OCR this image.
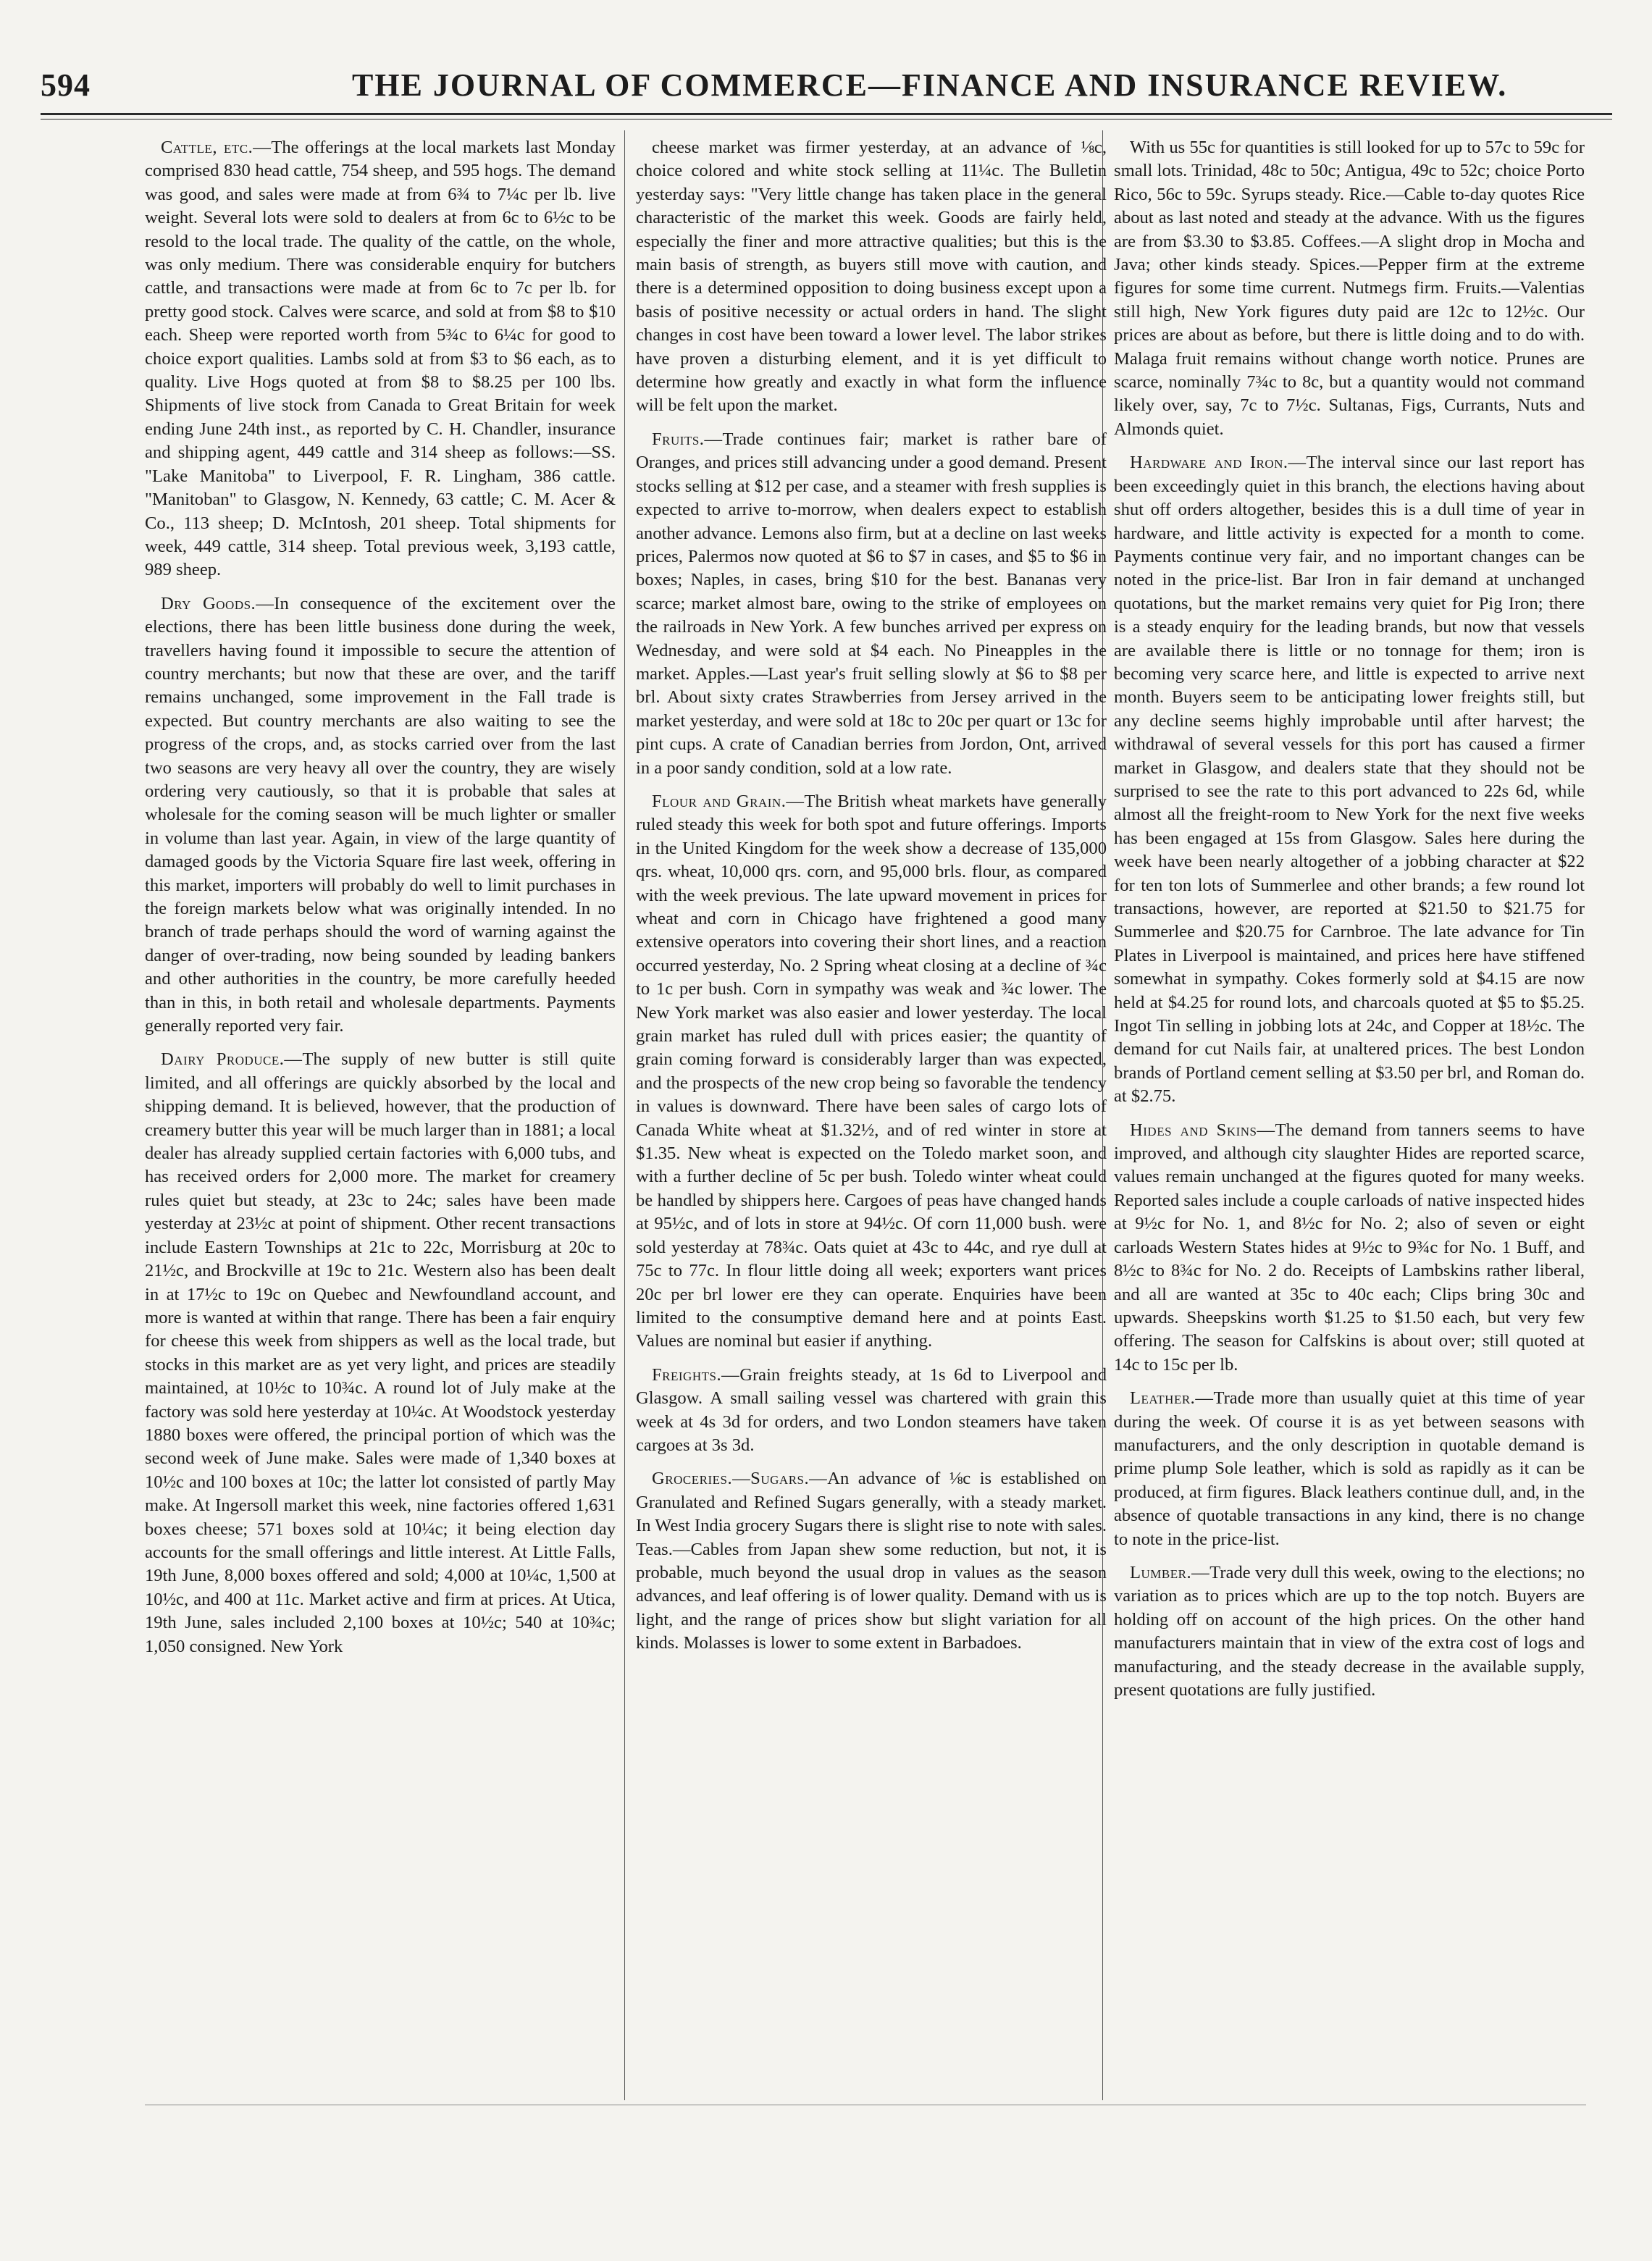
594	THE JOURNAL OF COMMERCE—FINANCE AND INSURANCE REVIEW.

Cattle, etc.—The offerings at the local markets last Monday comprised 830 head cattle, 754 sheep, and 595 hogs. The demand was good, and sales were made at from 6¾ to 7¼c per lb. live weight. Several lots were sold to dealers at from 6c to 6½c to be resold to the local trade. The quality of the cattle, on the whole, was only medium. There was considerable enquiry for butchers cattle, and transactions were made at from 6c to 7c per lb. for pretty good stock. Calves were scarce, and sold at from $8 to $10 each. Sheep were reported worth from 5¾c to 6¼c for good to choice export qualities. Lambs sold at from $3 to $6 each, as to quality. Live Hogs quoted at from $8 to $8.25 per 100 lbs. Shipments of live stock from Canada to Great Britain for week ending June 24th inst., as reported by C. H. Chandler, insurance and shipping agent, 449 cattle and 314 sheep as follows:—SS. "Lake Manitoba" to Liverpool, F. R. Lingham, 386 cattle. "Manitoban" to Glasgow, N. Kennedy, 63 cattle; C. M. Acer & Co., 113 sheep; D. McIntosh, 201 sheep. Total shipments for week, 449 cattle, 314 sheep. Total previous week, 3,193 cattle, 989 sheep.

Dry Goods.—In consequence of the excitement over the elections, there has been little business done during the week, travellers having found it impossible to secure the attention of country merchants; but now that these are over, and the tariff remains unchanged, some improvement in the Fall trade is expected. But country merchants are also waiting to see the progress of the crops, and, as stocks carried over from the last two seasons are very heavy all over the country, they are wisely ordering very cautiously, so that it is probable that sales at wholesale for the coming season will be much lighter or smaller in volume than last year. Again, in view of the large quantity of damaged goods by the Victoria Square fire last week, offering in this market, importers will probably do well to limit purchases in the foreign markets below what was originally intended. In no branch of trade perhaps should the word of warning against the danger of over-trading, now being sounded by leading bankers and other authorities in the country, be more carefully heeded than in this, in both retail and wholesale departments. Payments generally reported very fair.

Dairy Produce.—The supply of new butter is still quite limited, and all offerings are quickly absorbed by the local and shipping demand. It is believed, however, that the production of creamery butter this year will be much larger than in 1881; a local dealer has already supplied certain factories with 6,000 tubs, and has received orders for 2,000 more. The market for creamery rules quiet but steady, at 23c to 24c; sales have been made yesterday at 23½c at point of shipment. Other recent transactions include Eastern Townships at 21c to 22c, Morrisburg at 20c to 21½c, and Brockville at 19c to 21c. Western also has been dealt in at 17½c to 19c on Quebec and Newfoundland account, and more is wanted at within that range. There has been a fair enquiry for cheese this week from shippers as well as the local trade, but stocks in this market are as yet very light, and prices are steadily maintained, at 10½c to 10¾c. A round lot of July make at the factory was sold here yesterday at 10¼c. At Woodstock yesterday 1880 boxes were offered, the principal portion of which was the second week of June make. Sales were made of 1,340 boxes at 10½c and 100 boxes at 10c; the latter lot consisted of partly May make. At Ingersoll market this week, nine factories offered 1,631 boxes cheese; 571 boxes sold at 10¼c; it being election day accounts for the small offerings and little interest. At Little Falls, 19th June, 8,000 boxes offered and sold; 4,000 at 10¼c, 1,500 at 10½c, and 400 at 11c. Market active and firm at prices. At Utica, 19th June, sales included 2,100 boxes at 10½c; 540 at 10¾c; 1,050 consigned. New York

cheese market was firmer yesterday, at an advance of ⅛c, choice colored and white stock selling at 11¼c. The Bulletin yesterday says: "Very little change has taken place in the general characteristic of the market this week. Goods are fairly held, especially the finer and more attractive qualities; but this is the main basis of strength, as buyers still move with caution, and there is a determined opposition to doing business except upon a basis of positive necessity or actual orders in hand. The slight changes in cost have been toward a lower level. The labor strikes have proven a disturbing element, and it is yet difficult to determine how greatly and exactly in what form the influence will be felt upon the market.

Fruits.—Trade continues fair; market is rather bare of Oranges, and prices still advancing under a good demand. Present stocks selling at $12 per case, and a steamer with fresh supplies is expected to arrive to-morrow, when dealers expect to establish another advance. Lemons also firm, but at a decline on last weeks prices, Palermos now quoted at $6 to $7 in cases, and $5 to $6 in boxes; Naples, in cases, bring $10 for the best. Bananas very scarce; market almost bare, owing to the strike of employees on the railroads in New York. A few bunches arrived per express on Wednesday, and were sold at $4 each. No Pineapples in the market. Apples.—Last year's fruit selling slowly at $6 to $8 per brl. About sixty crates Strawberries from Jersey arrived in the market yesterday, and were sold at 18c to 20c per quart or 13c for pint cups. A crate of Canadian berries from Jordon, Ont, arrived in a poor sandy condition, sold at a low rate.

Flour and Grain.—The British wheat markets have generally ruled steady this week for both spot and future offerings. Imports in the United Kingdom for the week show a decrease of 135,000 qrs. wheat, 10,000 qrs. corn, and 95,000 brls. flour, as compared with the week previous. The late upward movement in prices for wheat and corn in Chicago have frightened a good many extensive operators into covering their short lines, and a reaction occurred yesterday, No. 2 Spring wheat closing at a decline of ¾c to 1c per bush. Corn in sympathy was weak and ¾c lower. The New York market was also easier and lower yesterday. The local grain market has ruled dull with prices easier; the quantity of grain coming forward is considerably larger than was expected, and the prospects of the new crop being so favorable the tendency in values is downward. There have been sales of cargo lots of Canada White wheat at $1.32½, and of red winter in store at $1.35. New wheat is expected on the Toledo market soon, and with a further decline of 5c per bush. Toledo winter wheat could be handled by shippers here. Cargoes of peas have changed hands at 95½c, and of lots in store at 94½c. Of corn 11,000 bush. were sold yesterday at 78¾c. Oats quiet at 43c to 44c, and rye dull at 75c to 77c. In flour little doing all week; exporters want prices 20c per brl lower ere they can operate. Enquiries have been limited to the consumptive demand here and at points East. Values are nominal but easier if anything.

Freights.—Grain freights steady, at 1s 6d to Liverpool and Glasgow. A small sailing vessel was chartered with grain this week at 4s 3d for orders, and two London steamers have taken cargoes at 3s 3d.

Groceries.—Sugars.—An advance of ⅛c is established on Granulated and Refined Sugars generally, with a steady market. In West India grocery Sugars there is slight rise to note with sales. Teas.—Cables from Japan shew some reduction, but not, it is probable, much beyond the usual drop in values as the season advances, and leaf offering is of lower quality. Demand with us is light, and the range of prices show but slight variation for all kinds. Molasses is lower to some extent in Barbadoes.

With us 55c for quantities is still looked for up to 57c to 59c for small lots. Trinidad, 48c to 50c; Antigua, 49c to 52c; choice Porto Rico, 56c to 59c. Syrups steady. Rice.—Cable to-day quotes Rice about as last noted and steady at the advance. With us the figures are from $3.30 to $3.85. Coffees.—A slight drop in Mocha and Java; other kinds steady. Spices.—Pepper firm at the extreme figures for some time current. Nutmegs firm. Fruits.—Valentias still high, New York figures duty paid are 12c to 12½c. Our prices are about as before, but there is little doing and to do with. Malaga fruit remains without change worth notice. Prunes are scarce, nominally 7¾c to 8c, but a quantity would not command likely over, say, 7c to 7½c. Sultanas, Figs, Currants, Nuts and Almonds quiet.

Hardware and Iron.—The interval since our last report has been exceedingly quiet in this branch, the elections having about shut off orders altogether, besides this is a dull time of year in hardware, and little activity is expected for a month to come. Payments continue very fair, and no important changes can be noted in the price-list. Bar Iron in fair demand at unchanged quotations, but the market remains very quiet for Pig Iron; there is a steady enquiry for the leading brands, but now that vessels are available there is little or no tonnage for them; iron is becoming very scarce here, and little is expected to arrive next month. Buyers seem to be anticipating lower freights still, but any decline seems highly improbable until after harvest; the withdrawal of several vessels for this port has caused a firmer market in Glasgow, and dealers state that they should not be surprised to see the rate to this port advanced to 22s 6d, while almost all the freight-room to New York for the next five weeks has been engaged at 15s from Glasgow. Sales here during the week have been nearly altogether of a jobbing character at $22 for ten ton lots of Summerlee and other brands; a few round lot transactions, however, are reported at $21.50 to $21.75 for Summerlee and $20.75 for Carnbroe. The late advance for Tin Plates in Liverpool is maintained, and prices here have stiffened somewhat in sympathy. Cokes formerly sold at $4.15 are now held at $4.25 for round lots, and charcoals quoted at $5 to $5.25. Ingot Tin selling in jobbing lots at 24c, and Copper at 18½c. The demand for cut Nails fair, at unaltered prices. The best London brands of Portland cement selling at $3.50 per brl, and Roman do. at $2.75.

Hides and Skins—The demand from tanners seems to have improved, and although city slaughter Hides are reported scarce, values remain unchanged at the figures quoted for many weeks. Reported sales include a couple carloads of native inspected hides at 9½c for No. 1, and 8½c for No. 2; also of seven or eight carloads Western States hides at 9½c to 9¾c for No. 1 Buff, and 8½c to 8¾c for No. 2 do. Receipts of Lambskins rather liberal, and all are wanted at 35c to 40c each; Clips bring 30c and upwards. Sheepskins worth $1.25 to $1.50 each, but very few offering. The season for Calfskins is about over; still quoted at 14c to 15c per lb.

Leather.—Trade more than usually quiet at this time of year during the week. Of course it is as yet between seasons with manufacturers, and the only description in quotable demand is prime plump Sole leather, which is sold as rapidly as it can be produced, at firm figures. Black leathers continue dull, and, in the absence of quotable transactions in any kind, there is no change to note in the price-list.

Lumber.—Trade very dull this week, owing to the elections; no variation as to prices which are up to the top notch. Buyers are holding off on account of the high prices. On the other hand manufacturers maintain that in view of the extra cost of logs and manufacturing, and the steady decrease in the available supply, present quotations are fully justified.
